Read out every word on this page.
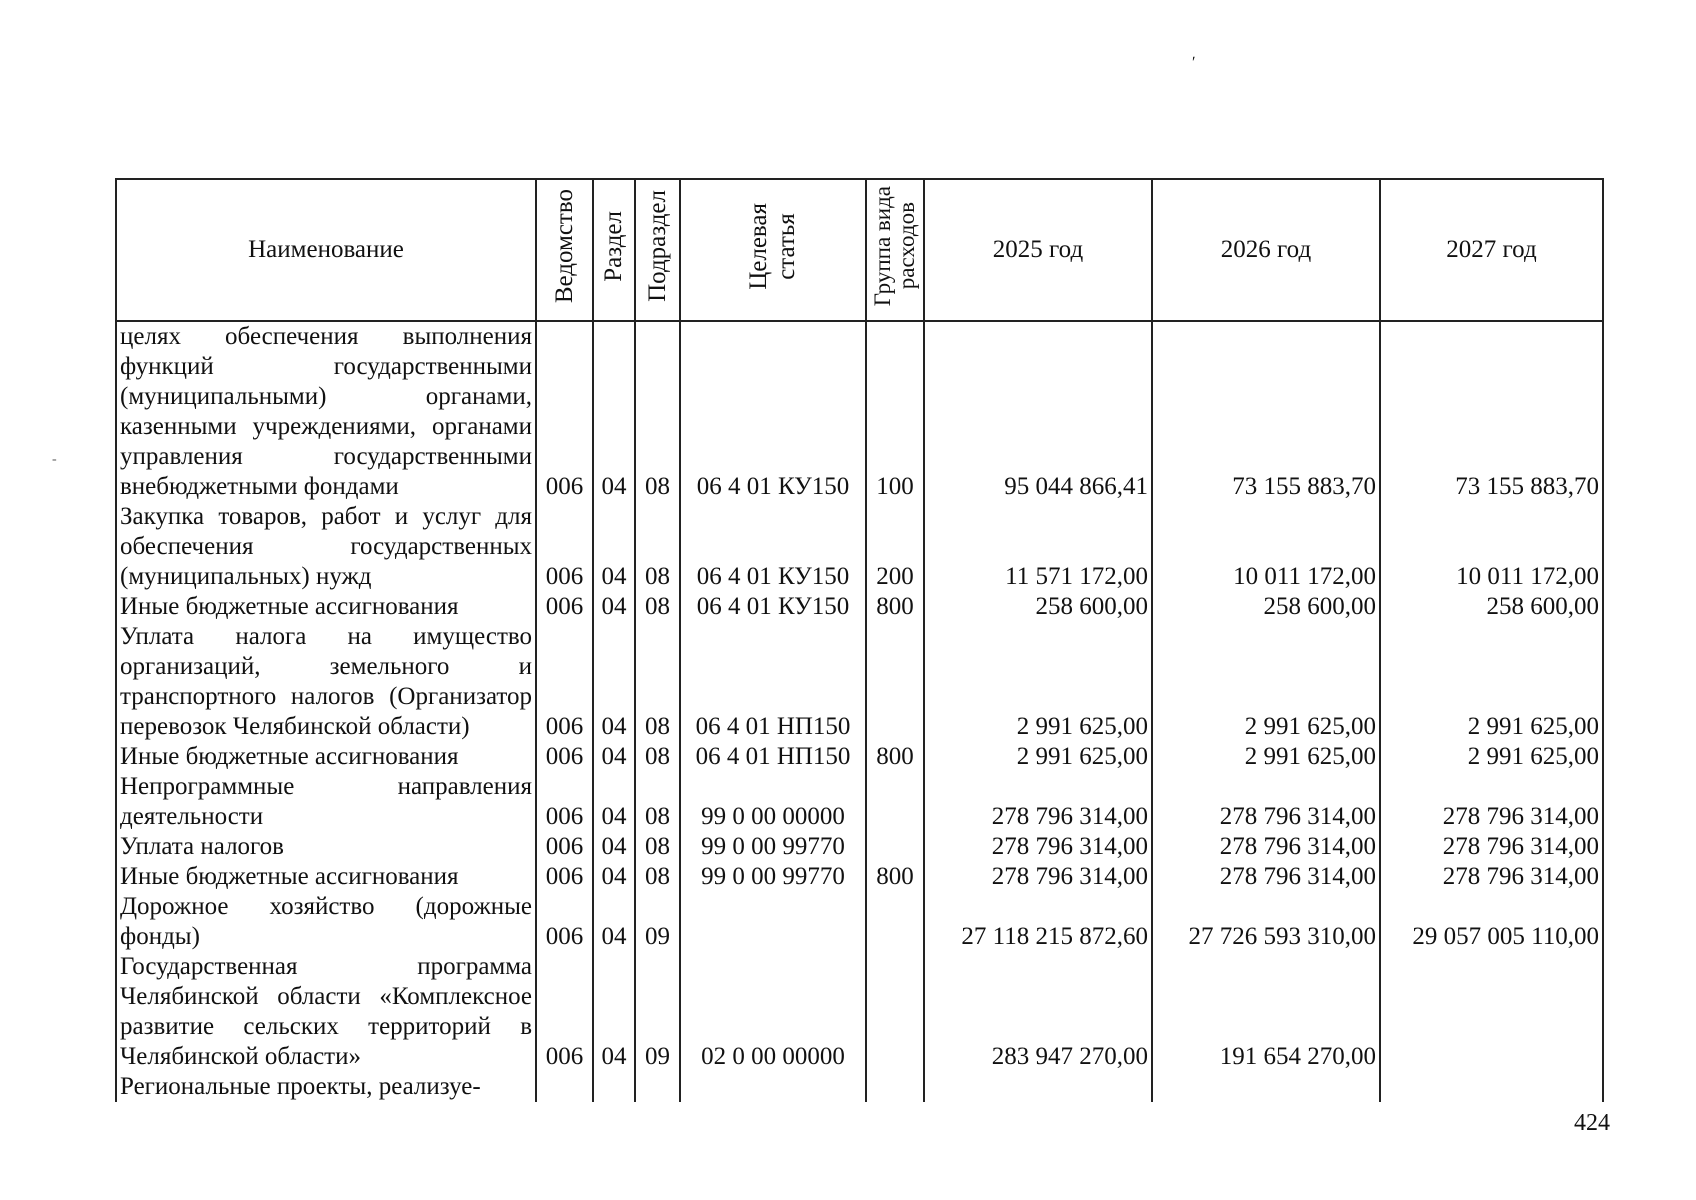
ʹ
-
Наименование	Ведомство	Раздел	Подраздел	Целевая
статья	Группа вида
расходов	2025 год	2026 год	2027 год
целях обеспечения выполнения функций государственными (муниципальными) органами, казенными учреждениями, органами управления государственными внебюджетными фондами	006	04	08	06 4 01 КУ150	100	95 044 866,41	73 155 883,70	73 155 883,70
Закупка товаров, работ и услуг для обеспечения государственных (муниципальных) нужд	006	04	08	06 4 01 КУ150	200	11 571 172,00	10 011 172,00	10 011 172,00
Иные бюджетные ассигнования	006	04	08	06 4 01 КУ150	800	258 600,00	258 600,00	258 600,00
Уплата налога на имущество организаций, земельного и транспортного налогов (Организатор перевозок Челябинской области)	006	04	08	06 4 01 НП150		2 991 625,00	2 991 625,00	2 991 625,00
Иные бюджетные ассигнования	006	04	08	06 4 01 НП150	800	2 991 625,00	2 991 625,00	2 991 625,00
Непрограммные направления деятельности	006	04	08	99 0 00 00000		278 796 314,00	278 796 314,00	278 796 314,00
Уплата налогов	006	04	08	99 0 00 99770		278 796 314,00	278 796 314,00	278 796 314,00
Иные бюджетные ассигнования	006	04	08	99 0 00 99770	800	278 796 314,00	278 796 314,00	278 796 314,00
Дорожное хозяйство (дорожные фонды)	006	04	09			27 118 215 872,60	27 726 593 310,00	29 057 005 110,00
Государственная программа Челябинской области «Комплексное развитие сельских территорий в Челябинской области»	006	04	09	02 0 00 00000		283 947 270,00	191 654 270,00	
Региональные проекты, реализуе-								
424
